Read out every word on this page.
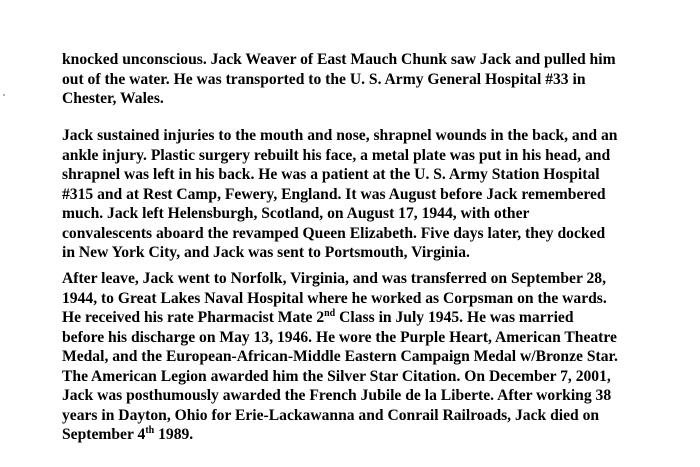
knocked unconscious. Jack Weaver of East Mauch Chunk saw Jack and pulled him
out of the water. He was transported to the U. S. Army General Hospital #33 in
Chester, Wales.
Jack sustained injuries to the mouth and nose, shrapnel wounds in the back, and an
ankle injury. Plastic surgery rebuilt his face, a metal plate was put in his head, and
shrapnel was left in his back. He was a patient at the U. S. Army Station Hospital
#315 and at Rest Camp, Fewery, England. It was August before Jack remembered
much. Jack left Helensburgh, Scotland, on August 17, 1944, with other
convalescents aboard the revamped Queen Elizabeth. Five days later, they docked
in New York City, and Jack was sent to Portsmouth, Virginia.
After leave, Jack went to Norfolk, Virginia, and was transferred on September 28,
1944, to Great Lakes Naval Hospital where he worked as Corpsman on the wards.
He received his rate Pharmacist Mate 2nd Class in July 1945. He was married
before his discharge on May 13, 1946. He wore the Purple Heart, American Theatre
Medal, and the European-African-Middle Eastern Campaign Medal w/Bronze Star.
The American Legion awarded him the Silver Star Citation. On December 7, 2001,
Jack was posthumously awarded the French Jubile de la Liberte. After working 38
years in Dayton, Ohio for Erie-Lackawanna and Conrail Railroads, Jack died on
September 4th 1989.
